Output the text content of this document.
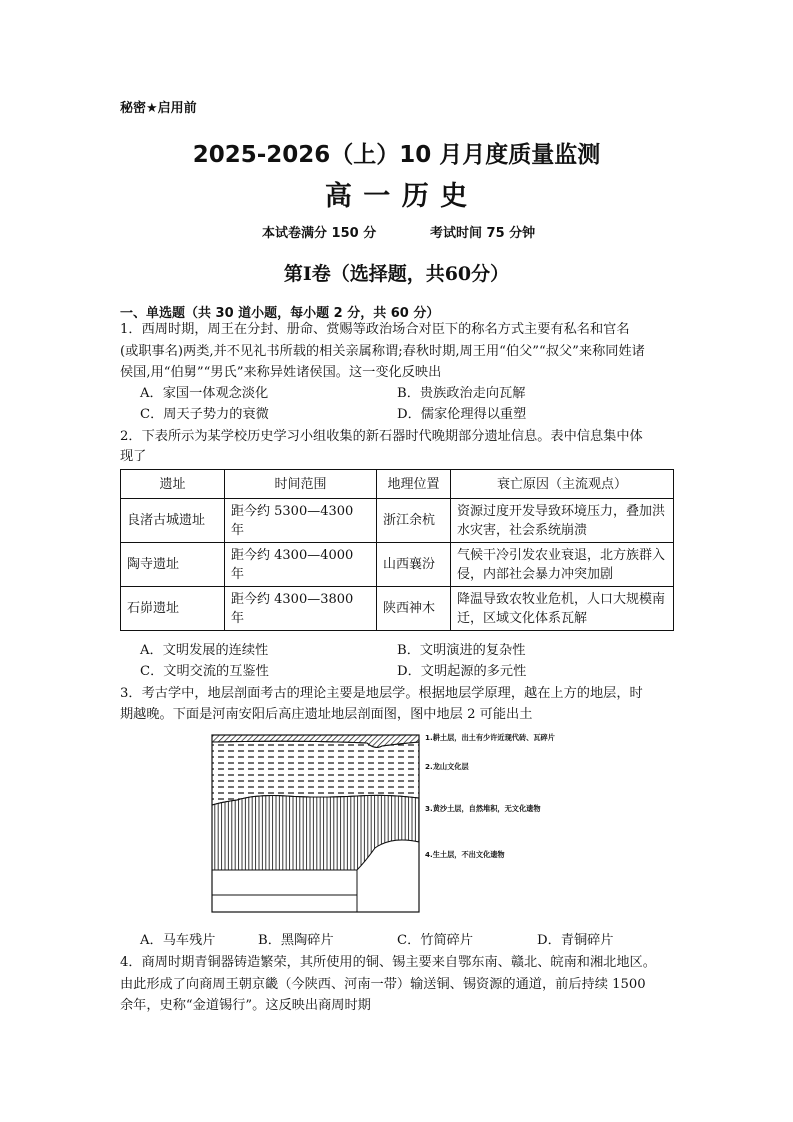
秘密★启用前
2025-2026（上）10 月月度质量监测
高 一 历 史
本试卷满分 150 分	考试时间 75 分钟
第Ⅰ卷（选择题，共60分）
一、单选题（共 30 道小题，每小题 2 分，共 60 分）
1．西周时期，周王在分封、册命、赏赐等政治场合对臣下的称名方式主要有私名和官名
(或职事名)两类,并不见礼书所载的相关亲属称谓;春秋时期,周王用“伯父”“叔父”来称同姓诸
侯国,用“伯舅”“男氏”来称异姓诸侯国。这一变化反映出
A．家国一体观念淡化	B．贵族政治走向瓦解
C．周天子势力的衰微	D．儒家伦理得以重塑
2．下表所示为某学校历史学习小组收集的新石器时代晚期部分遗址信息。表中信息集中体
现了
遗址	时间范围	地理位置	衰亡原因（主流观点）
良渚古城遗址	距今约 5300—4300 年	浙江余杭	资源过度开发导致环境压力，叠加洪水灾害，社会系统崩溃
陶寺遗址	距今约 4300—4000 年	山西襄汾	气候干冷引发农业衰退，北方族群入侵，内部社会暴力冲突加剧
石峁遗址	距今约 4300—3800 年	陕西神木	降温导致农牧业危机，人口大规模南迁，区域文化体系瓦解
A．文明发展的连续性	B．文明演进的复杂性
C．文明交流的互鉴性	D．文明起源的多元性
3．考古学中，地层剖面考古的理论主要是地层学。根据地层学原理，越在上方的地层，时
期越晚。下面是河南安阳后高庄遗址地层剖面图，图中地层 2 可能出土
1.耕土层，出土有少许近现代砖、瓦碎片
2.龙山文化层
3.黄沙土层，自然堆积，无文化遗物
4.生土层，不出文化遗物
A．马车残片	B．黑陶碎片	C．竹简碎片	D．青铜碎片
4．商周时期青铜器铸造繁荣，其所使用的铜、锡主要来自鄂东南、赣北、皖南和湘北地区。
由此形成了向商周王朝京畿（今陕西、河南一带）输送铜、锡资源的通道，前后持续 1500
余年，史称“金道锡行”。这反映出商周时期
